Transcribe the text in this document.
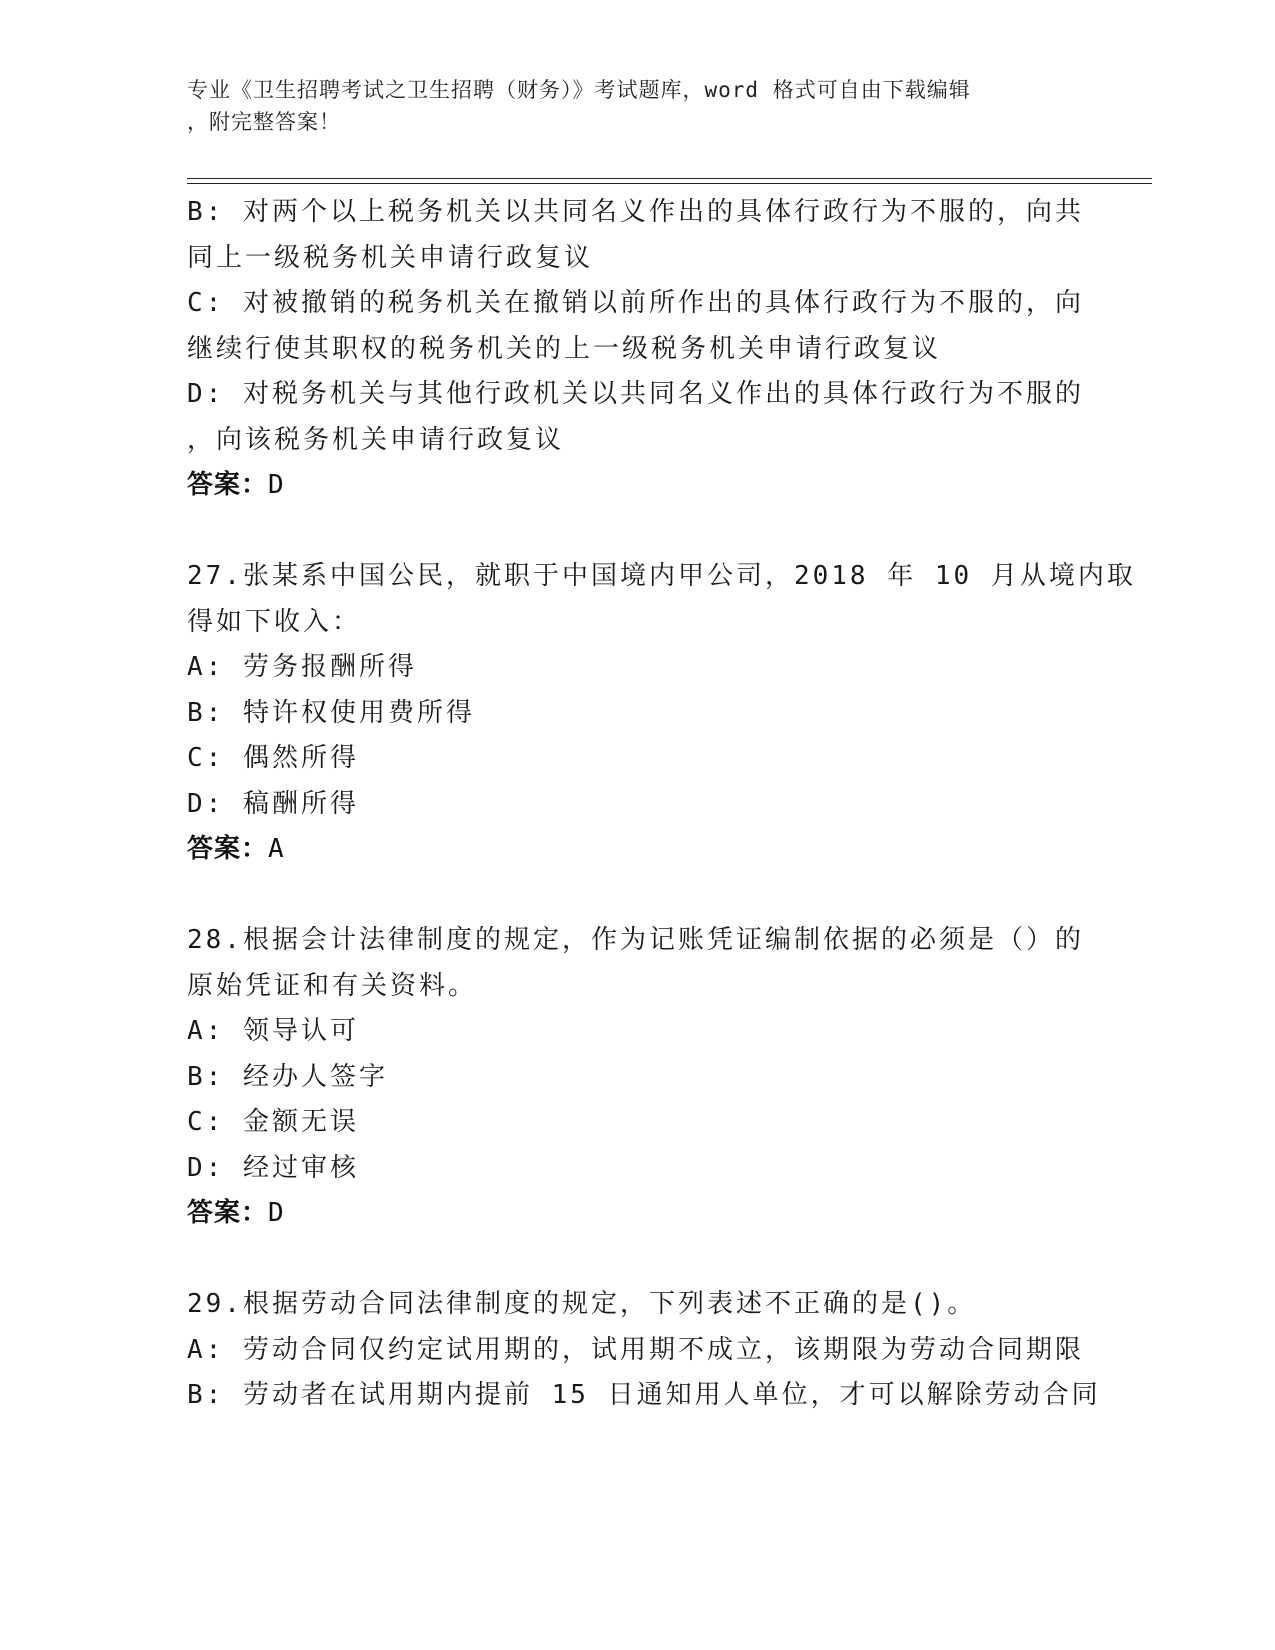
专业《卫生招聘考试之卫生招聘（财务）》考试题库，word 格式可自由下载编辑
，附完整答案！
B: 对两个以上税务机关以共同名义作出的具体行政行为不服的，向共
同上一级税务机关申请行政复议
C: 对被撤销的税务机关在撤销以前所作出的具体行政行为不服的，向
继续行使其职权的税务机关的上一级税务机关申请行政复议
D: 对税务机关与其他行政机关以共同名义作出的具体行政行为不服的
，向该税务机关申请行政复议
答案：D
27.张某系中国公民，就职于中国境内甲公司，2018 年 10 月从境内取
得如下收入：
A: 劳务报酬所得
B: 特许权使用费所得
C: 偶然所得
D: 稿酬所得
答案：A
28.根据会计法律制度的规定，作为记账凭证编制依据的必须是（）的
原始凭证和有关资料。
A: 领导认可
B: 经办人签字
C: 金额无误
D: 经过审核
答案：D
29.根据劳动合同法律制度的规定，下列表述不正确的是()。
A: 劳动合同仅约定试用期的，试用期不成立，该期限为劳动合同期限
B: 劳动者在试用期内提前 15 日通知用人单位，才可以解除劳动合同
